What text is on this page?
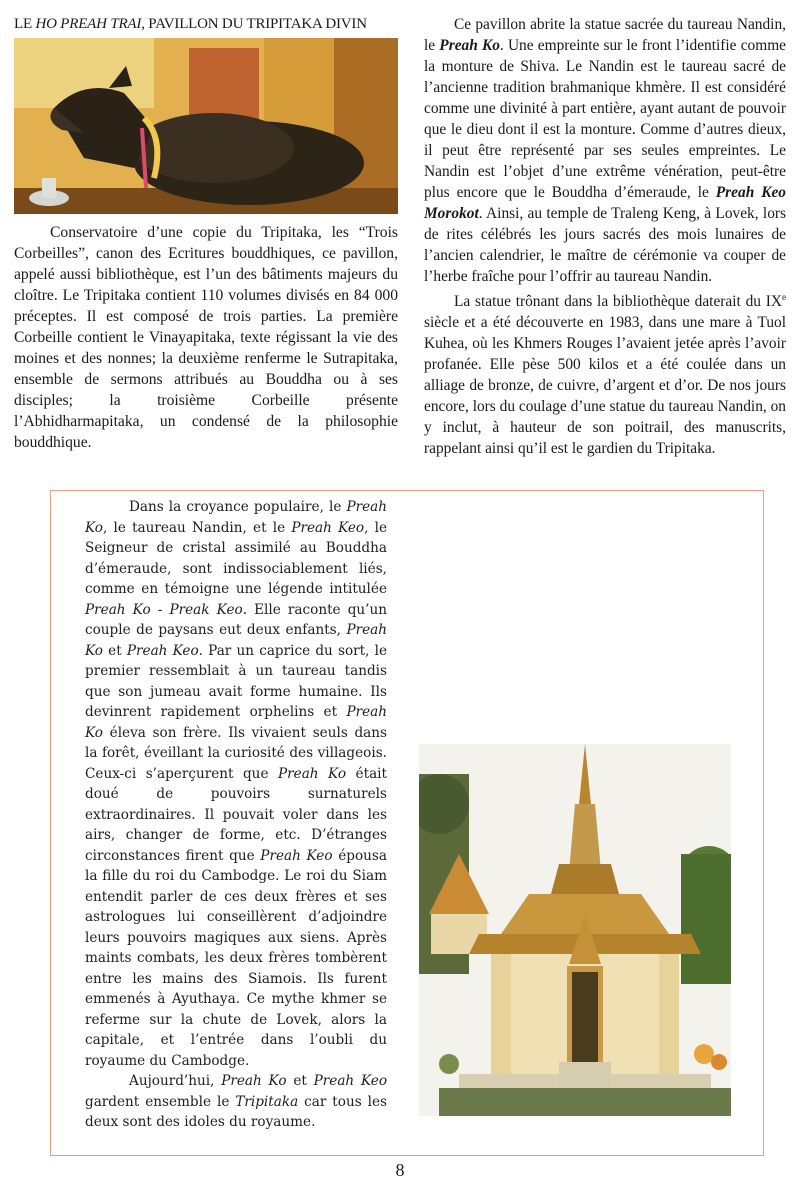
LE HO PREAH TRAI, PAVILLON DU TRIPITAKA DIVIN

Conservatoire d’une copie du Tripitaka, les “Trois Corbeilles”, canon des Ecritures bouddhiques, ce pavillon, appelé aussi bibliothèque, est l’un des bâtiments majeurs du cloître. Le Tripitaka contient 110 volumes divisés en 84 000 préceptes. Il est composé de trois parties. La première Corbeille contient le Vinayapitaka, texte régissant la vie des moines et des nonnes; la deuxième renferme le Sutrapitaka, ensemble de sermons attribués au Bouddha ou à ses disciples; la troisième Corbeille présente l’Abhidharmapitaka, un condensé de la philosophie bouddhique.

Ce pavillon abrite la statue sacrée du taureau Nandin, le Preah Ko. Une empreinte sur le front l’identifie comme la monture de Shiva. Le Nandin est le taureau sacré de l’ancienne tradition brahmanique khmère. Il est considéré comme une divinité à part entière, ayant autant de pouvoir que le dieu dont il est la monture. Comme d’autres dieux, il peut être représenté par ses seules empreintes. Le Nandin est l’objet d’une extrême vénération, peut-être plus encore que le Bouddha d’émeraude, le Preah Keo Morokot. Ainsi, au temple de Traleng Keng, à Lovek, lors de rites célébrés les jours sacrés des mois lunaires de l’ancien calendrier, le maître de cérémonie va couper de l’herbe fraîche pour l’offrir au taureau Nandin.

La statue trônant dans la bibliothèque daterait du IXe siècle et a été découverte en 1983, dans une mare à Tuol Kuhea, où les Khmers Rouges l’avaient jetée après l’avoir profanée. Elle pèse 500 kilos et a été coulée dans un alliage de bronze, de cuivre, d’argent et d’or. De nos jours encore, lors du coulage d’une statue du taureau Nandin, on y inclut, à hauteur de son poitrail, des manuscrits, rappelant ainsi qu’il est le gardien du Tripitaka.

Dans la croyance populaire, le Preah Ko, le taureau Nandin, et le Preah Keo, le Seigneur de cristal assimilé au Bouddha d’émeraude, sont indissociablement liés, comme en témoigne une légende intitulée Preah Ko - Preak Keo. Elle raconte qu’un couple de paysans eut deux enfants, Preah Ko et Preah Keo. Par un caprice du sort, le premier ressemblait à un taureau tandis que son jumeau avait forme humaine. Ils devinrent rapidement orphelins et Preah Ko éleva son frère. Ils vivaient seuls dans la forêt, éveillant la curiosité des villageois. Ceux-ci s’aperçurent que Preah Ko était doué de pouvoirs surnaturels extraordinaires. Il pouvait voler dans les airs, changer de forme, etc. D’étranges circonstances firent que Preah Keo épousa la fille du roi du Cambodge. Le roi du Siam entendit parler de ces deux frères et ses astrologues lui conseillèrent d’adjoindre leurs pouvoirs magiques aux siens. Après maints combats, les deux frères tombèrent entre les mains des Siamois. Ils furent emmenés à Ayuthaya. Ce mythe khmer se referme sur la chute de Lovek, alors la capitale, et l’entrée dans l’oubli du royaume du Cambodge.

Aujourd’hui, Preah Ko et Preah Keo gardent ensemble le Tripitaka car tous les deux sont des idoles du royaume.

8
